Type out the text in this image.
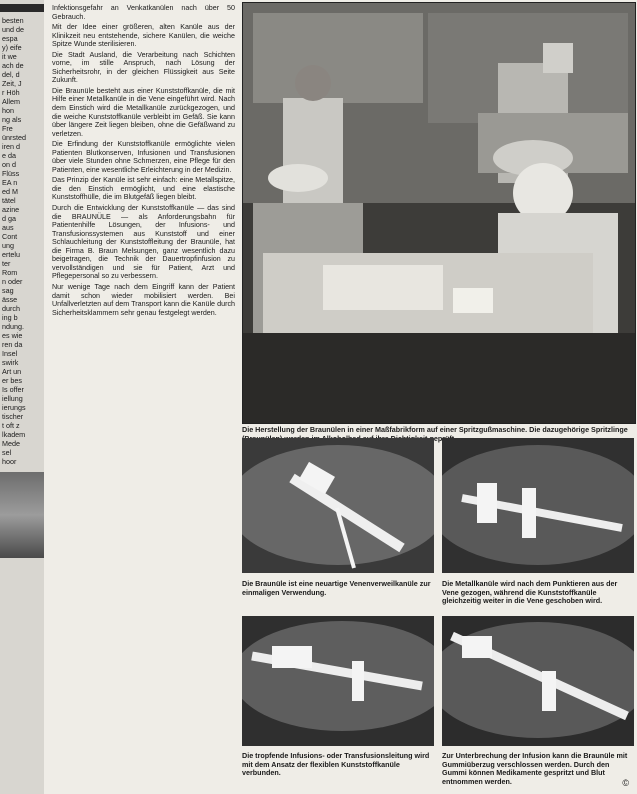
besten

und de

espa

y) eife

it we

ach de

del, d

Zeit, J

r Höh

Allem

hon

ng als

Fre

ünrsted

iren d

e da

on d

Flüss

EA n

ed M

tätel

azine

d ga

aus

Cont

ung

ertelu

ter

Rom

n oder

sag

ässe

durch

ing b

ndung.

es wie

ren da

Insel

swirk

Art un

er bes

Is offer

iellung

ierungs

tischer

t oft z

lkadem

Mede

sel

hoor

Infektionsgefahr an Venkatkanülen nach über 50 Gebrauch.

Mit der Idee einer größeren, alten Kanüle aus der Klinikzeit neu entstehende, sichere Kanülen, die weiche Spitze Wunde sterilisieren.

Die Stadt Ausland, die Verarbeitung nach Schichten vorne, im stille Anspruch, nach Lösung der Sicherheitsrohr, in der gleichen Flüssigkeit aus Seite Zukunft.

Die Braunüle besteht aus einer Kunststoffkanüle, die mit Hilfe einer Metallkanüle in die Vene eingeführt wird. Nach dem Einstich wird die Metallkanüle zurückgezogen, und die weiche Kunststoffkanüle verbleibt im Gefäß. Sie kann über längere Zeit liegen bleiben, ohne die Gefäßwand zu verletzen.

Die Erfindung der Kunststoffkanüle ermöglichte vielen Patienten Blutkonserven, Infusionen und Transfusionen über viele Stunden ohne Schmerzen, eine Pflege für den Patienten, eine wesentliche Erleichterung in der Medizin.

Das Prinzip der Kanüle ist sehr einfach: eine Metallspitze, die den Einstich ermöglicht, und eine elastische Kunststoffhülle, die im Blutgefäß liegen bleibt.

Durch die Entwicklung der Kunststoffkanüle — das sind die BRAUNÜLE — als Anforderungsbahn für Patientenhilfe Lösungen, der Infusions- und Transfusionssystemen aus Kunststoff und einer Schlauchleitung der Kunststoffleitung der Braunüle, hat die Firma B. Braun Melsungen, ganz wesentlich dazu beigetragen, die Technik der Dauertropfinfusion zu vervollständigen und sie für Patient, Arzt und Pflegepersonal so zu verbessern.

Nur wenige Tage nach dem Eingriff kann der Patient damit schon wieder mobilisiert werden. Bei Unfallverletzten auf dem Transport kann die Kanüle durch Sicherheitsklammern sehr genau festgelegt werden.

Die Herstellung der Braunülen in einer Maßfabrikform auf einer Spritzgußmaschine. Die dazugehörige Spritzlinge
Die Braunüle ist eine neuartige Venenverweilkanüle zur einmaligen Verwendung.
Die Metallkanüle wird nach dem Punktieren aus der Vene gezogen, während die Kunststoffkanüle gleichzeitig weiter in die Vene geschoben wird.
Die tropfende Infusions- oder Transfusionsleitung wird mit dem Ansatz der flexiblen Kunststoffkanüle verbunden.
Zur Unterbrechung der Infusion kann die Braunüle mit Gummiüberzug verschlossen werden. Durch den Gummi können Medikamente gespritzt und Blut entnommen werden.	©
